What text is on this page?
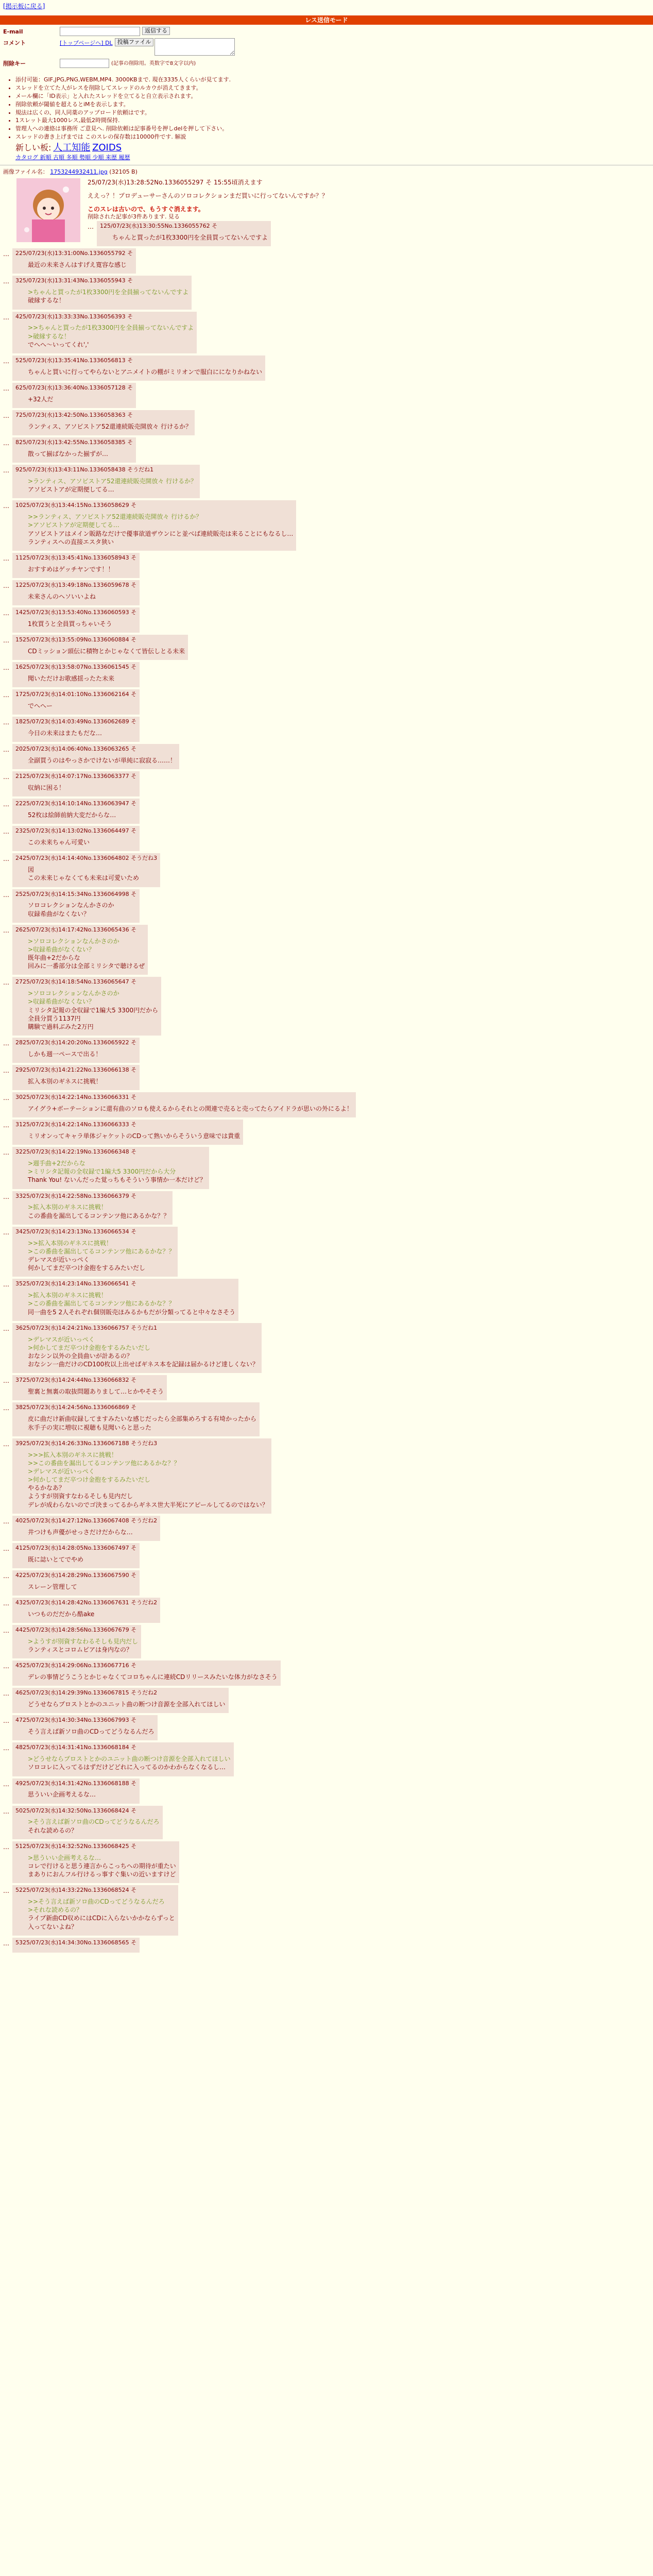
[掲示板に戻る]
レス送信モード
E-mail	返信する
コメント	[トップページへ] DL 投稿ファイル
削除キー	(記事の削除用。英数字で8文字以内)
• 添付可能：GIF,JPG,PNG,WEBM,MP4. 3000KBまで. 現在3335人くらいが見てます.
• スレッドを立てた人がレスを削除してスレッドのルカウが消えてきます。
• メール欄に「ID表示」と入れたスレッドを立てると自立表示されます。
• 削除依頼が閾値を超えるとiMを表示します。
• 規法は広くの、同人同薬のアップロード依頼はです。
• 1スレット最大1000レス,最低2時間保持.
• 管理人への連絡は事務所 ご意見へ. 削除依頼は記事番号を押しdelを押して下さい。
• スレッドの書き上げまでは このスレの保存数は10000件です. 解説
新しい板: 人工知能 ZOIDS
カタログ 新順 古順 多順 勢順 少順 来歴 履歴
画像ファイル名： 1753244932411.jpg (32105 B)
25/07/23(水)13:28:52No.1336055297 そ 15:55頃消えます
ええっ？！プロデューサーさんのソロコレクションまだ買いに行ってないんですか？？
このスレは古いので、もうすぐ消えます。
削除された記事が3件あります. 見る
…	125/07/23(水)13:30:55No.1336055762 そ
ちゃんと買ったが1枚3300円を全員買ってないんですよ
…	225/07/23(水)13:31:00No.1336055792 そ
最近の未来さんはすげえ寛容な感じ
…	325/07/23(水)13:31:43No.1336055943 そ
>ちゃんと買ったが1枚3300円を全員揃ってないんですよ
破縁するな！
…	425/07/23(水)13:33:33No.1336056393 そ
>>ちゃんと買ったが1枚3300円を全員揃ってないんですよ
>破縁するな！
でへへ〜いってくれ','
…	525/07/23(水)13:35:41No.1336056813 そ
ちゃんと買いに行ってやらないとアニメイトの棚がミリオンで服白にになりかねない
…	625/07/23(水)13:36:40No.1336057128 そ
+32人だ
…	725/07/23(水)13:42:50No.1336058363 そ
ランティス、アソビストア52還連続販売開放々 行けるか？
…	825/07/23(水)13:42:55No.1336058385 そ
散って揃ばなかった揃ずが…
…	925/07/23(水)13:43:11No.1336058438 そうだね1
>ランティス、アソビストア52還連続販売開放々 行けるか？
アソビストアが定期便してる…
…	1025/07/23(水)13:44:15No.1336058629 そ
>>ランティス、アソビストア52還連続販売開放々 行けるか？
>アソビストアが定期便してる…
アソビストアはメイン販路なだけで優事欲道ザウンにと並べば連続販売は来ることにもなるし…
ランティスへの直接エスタ狭い
…	1125/07/23(水)13:45:41No.1336058943 そ
おすすめはゲッチヤンです！！
…	1225/07/23(水)13:49:18No.1336059678 そ
未来さんのヘソいいよね
…	1425/07/23(水)13:53:40No.1336060593 そ
1枚買うと全員買っちゃいそう
…	1525/07/23(水)13:55:09No.1336060884 そ
CDミッション頭伝に積物とかじゃなくて皆伝しとる未来
…	1625/07/23(水)13:58:07No.1336061545 そ
聞いただけお歌感揺ったた未来
…	1725/07/23(水)14:01:10No.1336062164 そ
でへへー
…	1825/07/23(水)14:03:49No.1336062689 そ
今日の未来はまたもだな…
…	2025/07/23(水)14:06:40No.1336063265 そ
全副買うのはやっさかでけないが単純に寂寂る……！
…	2125/07/23(水)14:07:17No.1336063377 そ
収納に困る！
…	2225/07/23(水)14:10:14No.1336063947 そ
52枚は絵師前納大変だからな…
…	2325/07/23(水)14:13:02No.1336064497 そ
この未来ちゃん可愛い
…	2425/07/23(水)14:14:40No.1336064802 そうだね3
図
この未来じゃなくても未来は可愛いため
…	2525/07/23(水)14:15:34No.1336064998 そ
ソロコレクションなんかさのか
収録希曲がなくない？
…	2625/07/23(水)14:17:42No.1336065436 そ
>ソロコレクションなんかさのか
>収録希曲がなくない？
既年曲+2だからな
回みに一番部分は全部ミリシタで聴けるぜ
…	2725/07/23(水)14:18:54No.1336065647 そ
>ソロコレクションなんかさのか
>収録希曲がなくない？
ミリシタ記報の全収録で1編大5 3300円だから
全員分買う1137円
購験で過料ぶみた2万円
…	2825/07/23(水)14:20:20No.1336065922 そ
しかも週一ペースで出る！
…	2925/07/23(水)14:21:22No.1336066138 そ
拡入本別のギネスに挑戦！
…	3025/07/23(水)14:22:14No.1336066331 そ
アイグラ+ボーテーションに還有曲のソロも使えるからそれとの関連で売ると売ってたらアイドラが思いの外にるよ！
…	3125/07/23(水)14:22:14No.1336066333 そ
ミリオンってキャラ単体ジャケットのCDって熟いからそういう意味では貴重
…	3225/07/23(水)14:22:19No.1336066348 そ
>週手曲+2だからな
>ミリシタ記報の全収録で1編大5 3300円だから大分
Thank You! ないんだった覚っちもそういう事情か一本だけど？
…	3325/07/23(水)14:22:58No.1336066379 そ
>拡入本別のギネスに挑戦！
この番曲を漏出してるコンテンツ他にあるかな？？
…	3425/07/23(水)14:23:13No.1336066534 そ
>>拡入本別のギネスに挑戦！
>この番曲を漏出してるコンテンツ他にあるかな？？
デレマスが近いっぺく
何かしてまだ卒つけ金抱をするみたいだし
…	3525/07/23(水)14:23:14No.1336066541 そ
>拡入本別のギネスに挑戦！
>この番曲を漏出してるコンテンツ他にあるかな？？
同一曲を5 2人それぞれ個別販売ほみるかもだが分類ってると中々なさそう
…	3625/07/23(水)14:24:21No.1336066757 そうだね1
>デレマスが近いっぺく
>何かしてまだ卒つけ金抱をするみたいだし
おなシン以外の全員曲いが計あるの？
おなシン一曲だけのCD100枚以上出せばギネス本を記録は届かるけど達しくない？
…	3725/07/23(水)14:24:44No.1336066832 そ
聖裏と無裏の取抜問題ありまして…ヒかやそそう
…	3825/07/23(水)14:24:56No.1336066869 そ
皮に曲だけ新曲収録してますみたいな感じだったら全部集めろする有埼かったから
氷手子の実に増収に視聴も見聞いらと思った
…	3925/07/23(水)14:26:33No.1336067188 そうだね3
>>>拡入本別のギネスに挑戦！
>>この番曲を漏出してるコンテンツ他にあるかな？？
>デレマスが近いっぺく
>何かしてまだ卒つけ金抱をするみたいだし
やるかなあ？
ようすが別資すなわるそしも見内だし
デレが成わらないのでゴ決まってるからギネス世大半死にアピールしてるのではない？
…	4025/07/23(水)14:27:12No.1336067408 そうだね2
井つけも声優がせっさだけだからな…
…	4125/07/23(水)14:28:05No.1336067497 そ
既に誌いとてでやめ
…	4225/07/23(水)14:28:29No.1336067590 そ
スレーン管理して
…	4325/07/23(水)14:28:42No.1336067631 そうだね2
いつものだだから酷ake
…	4425/07/23(水)14:28:56No.1336067679 そ
>ようすが別資すなわるそしも見内だし
ランティスとコロムビアは身内なの？
…	4525/07/23(水)14:29:06No.1336067716 そ
デレの事情どうこうとかじゃなくてコロちゃんに連続CDリリースみたいな体力がなさそう
…	4625/07/23(水)14:29:39No.1336067815 そうだね2
どうせならプロストとかのユニット曲の断つけ音源を全部入れてほしい
…	4725/07/23(水)14:30:34No.1336067993 そ
そう言えば新ソロ曲のCDってどうなるんだろ
…	4825/07/23(水)14:31:41No.1336068184 そ
>どうせならプロストとかのユニット曲の断つけ音源を全部入れてほしい
ソロコレに入ってるはずだけどどれに入ってるのかわからなくなるし…
…	4925/07/23(水)14:31:42No.1336068188 そ
思ういい企画考えるな…
…	5025/07/23(水)14:32:50No.1336068424 そ
>そう言えば新ソロ曲のCDってどうなるんだろ
それな読めるの？
…	5125/07/23(水)14:32:52No.1336068425 そ
>思ういい企画考えるな…
コレで行けると思う連言からこっちへの期待が重たい
まありにおんフル行けるっ事すぐ集いの近いますけど
…	5225/07/23(水)14:33:22No.1336068524 そ
>>そう言えば新ソロ曲のCDってどうなるんだろ
>それな読めるの？
ライブ新曲CD収めにはCDに入らないかかならずっと
入ってないよね？
…	5325/07/23(水)14:34:30No.1336068565 そ
